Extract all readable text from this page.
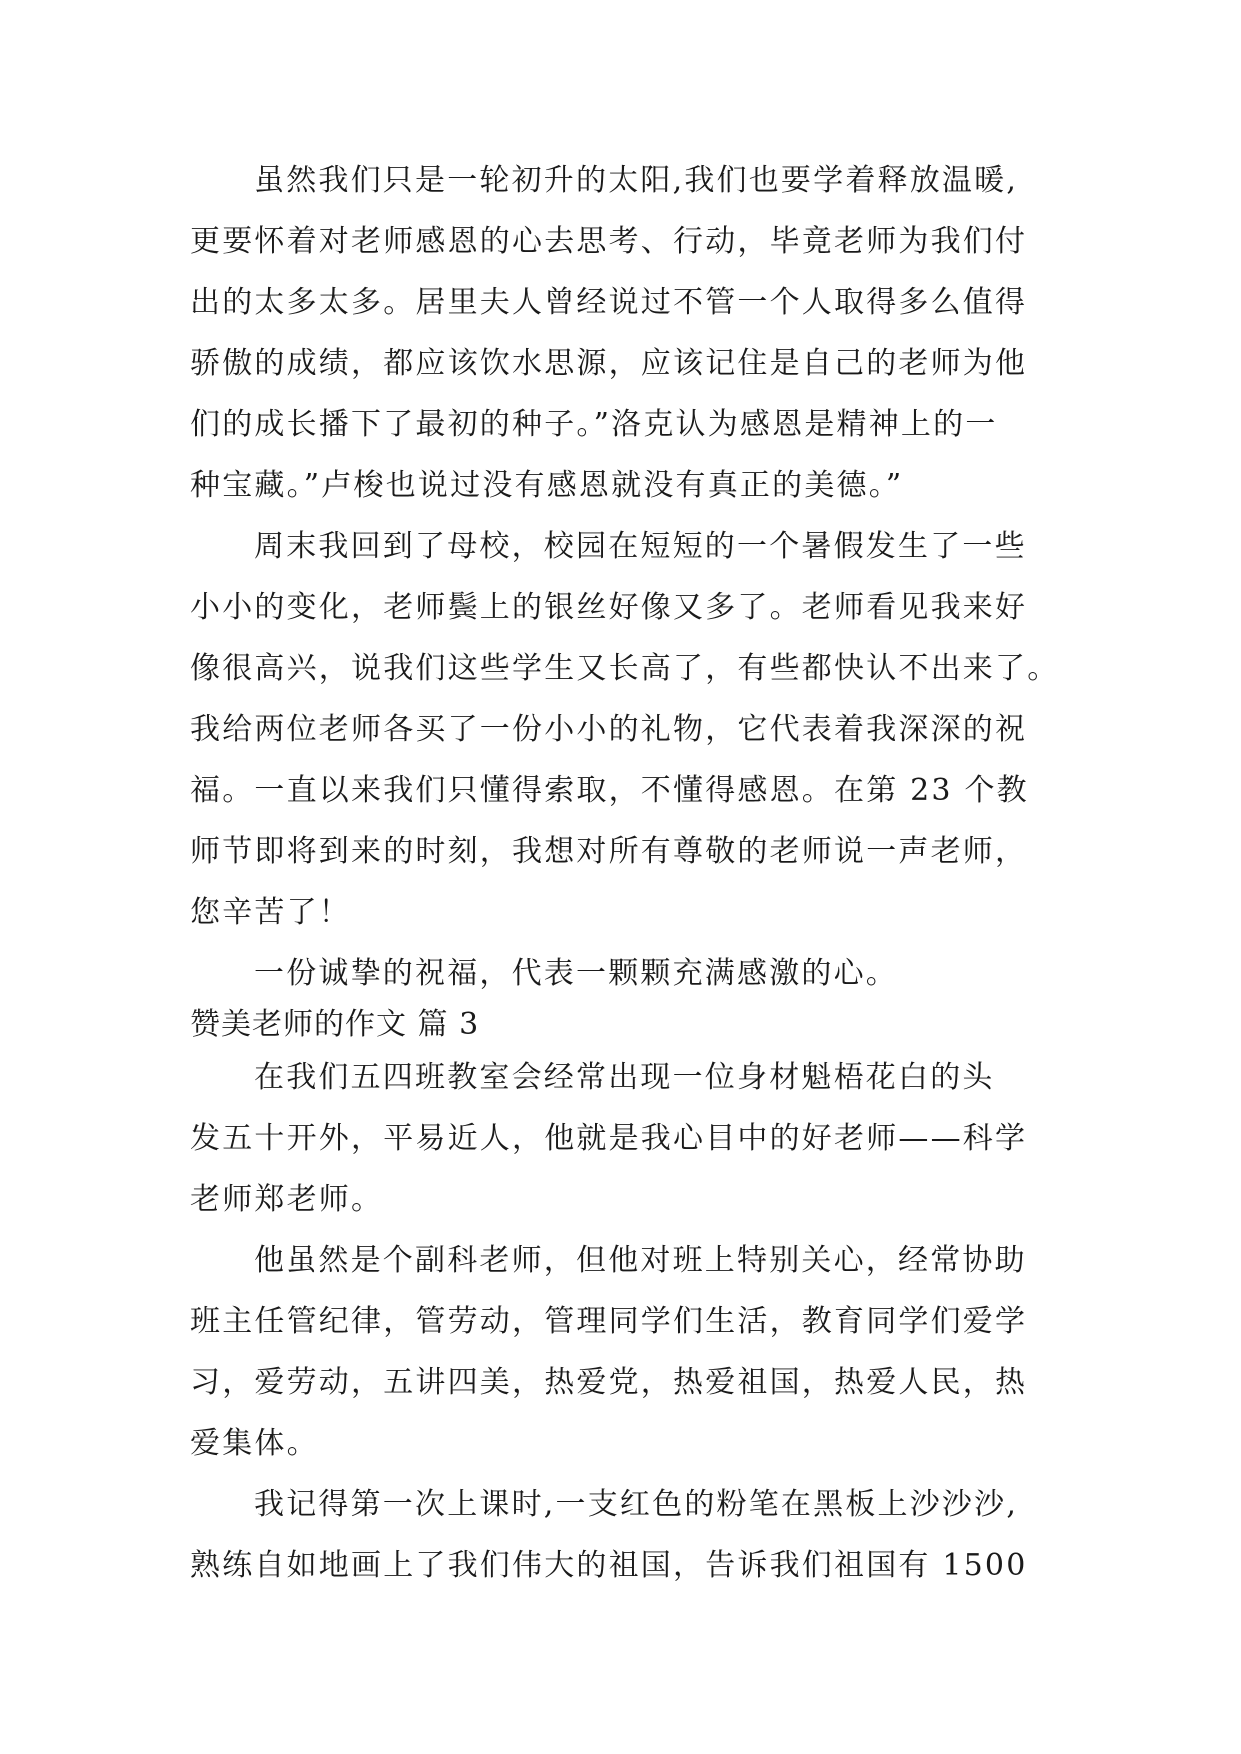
虽然我们只是一轮初升的太阳,我们也要学着释放温暖,
更要怀着对老师感恩的心去思考、行动，毕竟老师为我们付
出的太多太多。居里夫人曾经说过不管一个人取得多么值得
骄傲的成绩，都应该饮水思源，应该记住是自己的老师为他
们的成长播下了最初的种子。”洛克认为感恩是精神上的一
种宝藏。”卢梭也说过没有感恩就没有真正的美德。”
周末我回到了母校，校园在短短的一个暑假发生了一些
小小的变化，老师鬓上的银丝好像又多了。老师看见我来好
像很高兴，说我们这些学生又长高了，有些都快认不出来了。
我给两位老师各买了一份小小的礼物，它代表着我深深的祝
福。一直以来我们只懂得索取，不懂得感恩。在第 23 个教
师节即将到来的时刻，我想对所有尊敬的老师说一声老师，
您辛苦了！
一份诚挚的祝福，代表一颗颗充满感激的心。
赞美老师的作文 篇 3
在我们五四班教室会经常出现一位身材魁梧花白的头
发五十开外，平易近人，他就是我心目中的好老师——科学
老师郑老师。
他虽然是个副科老师，但他对班上特别关心，经常协助
班主任管纪律，管劳动，管理同学们生活，教育同学们爱学
习，爱劳动，五讲四美，热爱党，热爱祖国，热爱人民，热
爱集体。
我记得第一次上课时,一支红色的粉笔在黑板上沙沙沙,
熟练自如地画上了我们伟大的祖国，告诉我们祖国有 1500
